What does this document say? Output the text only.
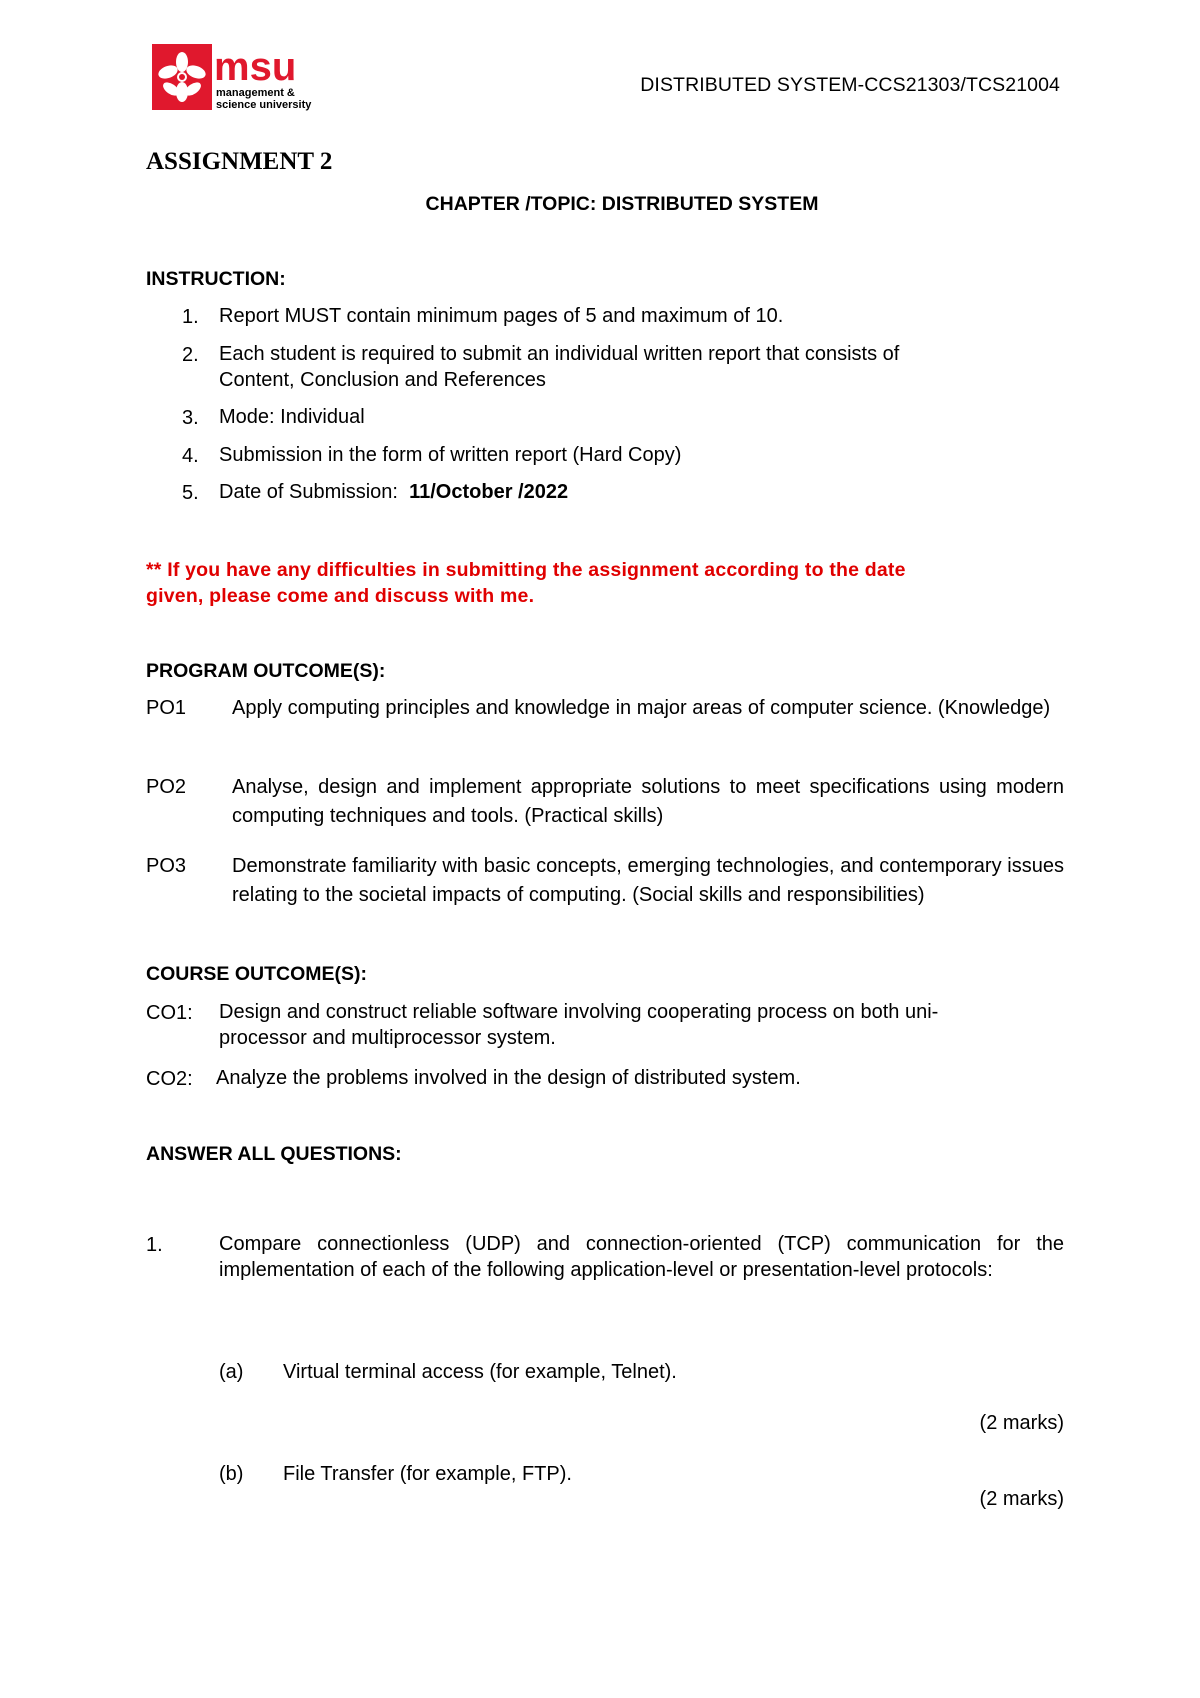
msu
management &
science university
DISTRIBUTED SYSTEM-CCS21303/TCS21004
ASSIGNMENT 2
CHAPTER /TOPIC: DISTRIBUTED SYSTEM
INSTRUCTION:
1. Report MUST contain minimum pages of 5 and maximum of 10.
2. Each student is required to submit an individual written report that consists of
Content, Conclusion and References
3. Mode: Individual
4. Submission in the form of written report (Hard Copy)
5. Date of Submission: 11/October /2022
** If you have any difficulties in submitting the assignment according to the date
given, please come and discuss with me.
PROGRAM OUTCOME(S):
PO1 Apply computing principles and knowledge in major areas of computer science. (Knowledge)
PO2 Analyse, design and implement appropriate solutions to meet specifications using modern computing techniques and tools. (Practical skills)
PO3 Demonstrate familiarity with basic concepts, emerging technologies, and contemporary issues relating to the societal impacts of computing. (Social skills and responsibilities)
COURSE OUTCOME(S):
CO1: Design and construct reliable software involving cooperating process on both uni-
processor and multiprocessor system.
CO2: Analyze the problems involved in the design of distributed system.
ANSWER ALL QUESTIONS:
1.	Compare connectionless (UDP) and connection-oriented (TCP) communication for the implementation of each of the following application-level or presentation-level protocols:
(a) Virtual terminal access (for example, Telnet).
(2 marks)
(b) File Transfer (for example, FTP).
(2 marks)
